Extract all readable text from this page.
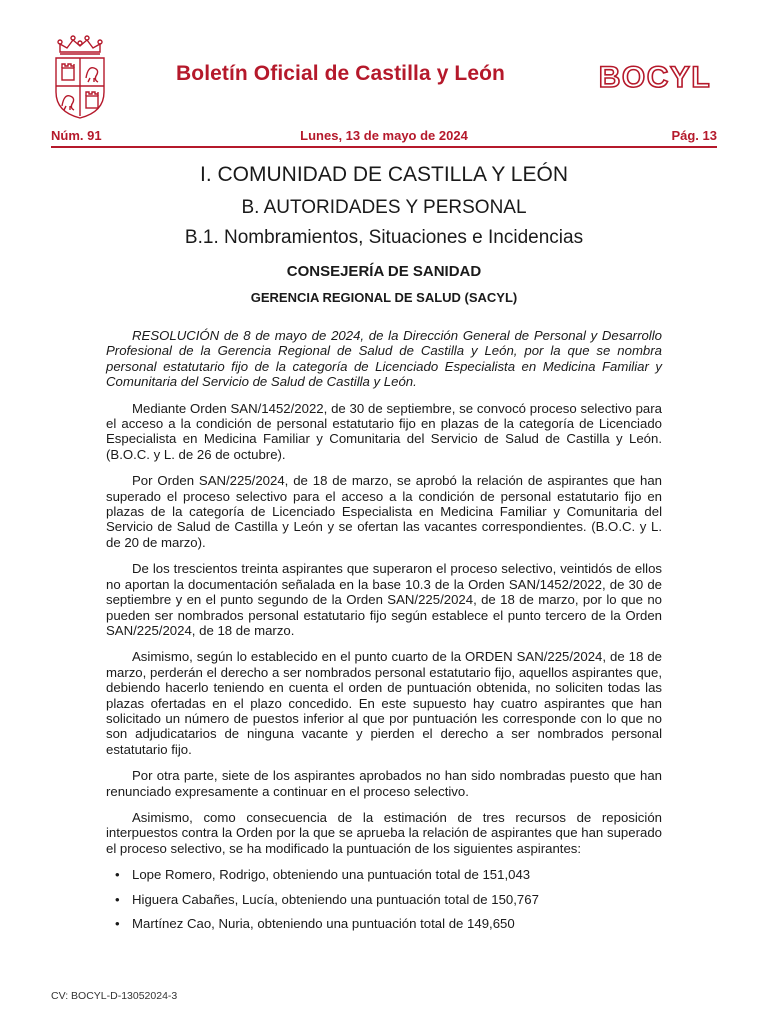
Boletín Oficial de Castilla y León	BOCYL
Núm. 91	Lunes, 13 de mayo de 2024	Pág. 13
I. COMUNIDAD DE CASTILLA Y LEÓN
B. AUTORIDADES Y PERSONAL
B.1. Nombramientos, Situaciones e Incidencias
CONSEJERÍA DE SANIDAD
GERENCIA REGIONAL DE SALUD (SACYL)

RESOLUCIÓN de 8 de mayo de 2024, de la Dirección General de Personal y Desarrollo Profesional de la Gerencia Regional de Salud de Castilla y León, por la que se nombra personal estatutario fijo de la categoría de Licenciado Especialista en Medicina Familiar y Comunitaria del Servicio de Salud de Castilla y León.

Mediante Orden SAN/1452/2022, de 30 de septiembre, se convocó proceso selectivo para el acceso a la condición de personal estatutario fijo en plazas de la categoría de Licenciado Especialista en Medicina Familiar y Comunitaria del Servicio de Salud de Castilla y León. (B.O.C. y L. de 26 de octubre).

Por Orden SAN/225/2024, de 18 de marzo, se aprobó la relación de aspirantes que han superado el proceso selectivo para el acceso a la condición de personal estatutario fijo en plazas de la categoría de Licenciado Especialista en Medicina Familiar y Comunitaria del Servicio de Salud de Castilla y León y se ofertan las vacantes correspondientes. (B.O.C. y L. de 20 de marzo).

De los trescientos treinta aspirantes que superaron el proceso selectivo, veintidós de ellos no aportan la documentación señalada en la base 10.3 de la Orden SAN/1452/2022, de 30 de septiembre y en el punto segundo de la Orden SAN/225/2024, de 18 de marzo, por lo que no pueden ser nombrados personal estatutario fijo según establece el punto tercero de la Orden SAN/225/2024, de 18 de marzo.

Asimismo, según lo establecido en el punto cuarto de la ORDEN SAN/225/2024, de 18 de marzo, perderán el derecho a ser nombrados personal estatutario fijo, aquellos aspirantes que, debiendo hacerlo teniendo en cuenta el orden de puntuación obtenida, no soliciten todas las plazas ofertadas en el plazo concedido. En este supuesto hay cuatro aspirantes que han solicitado un número de puestos inferior al que por puntuación les corresponde con lo que no son adjudicatarios de ninguna vacante y pierden el derecho a ser nombrados personal estatutario fijo.

Por otra parte, siete de los aspirantes aprobados no han sido nombradas puesto que han renunciado expresamente a continuar en el proceso selectivo.

Asimismo, como consecuencia de la estimación de tres recursos de reposición interpuestos contra la Orden por la que se aprueba la relación de aspirantes que han superado el proceso selectivo, se ha modificado la puntuación de los siguientes aspirantes:

• Lope Romero, Rodrigo, obteniendo una puntuación total de 151,043
• Higuera Cabañes, Lucía, obteniendo una puntuación total de 150,767
• Martínez Cao, Nuria, obteniendo una puntuación total de 149,650
CV: BOCYL-D-13052024-3
